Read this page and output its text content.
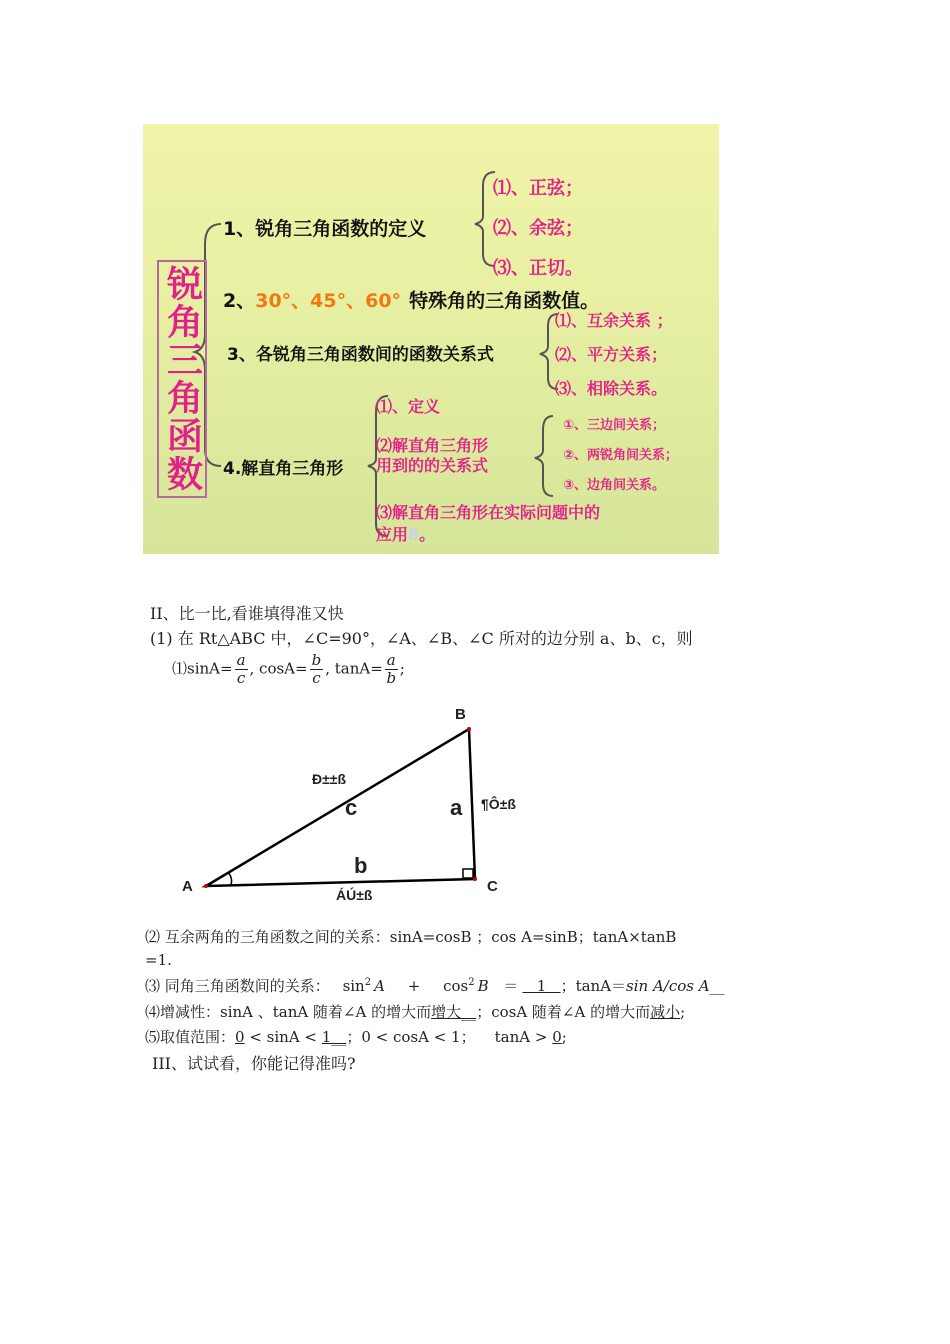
锐角三角函数
1、锐角三角函数的定义
⑴、正弦；
⑵、余弦；
⑶、正切。
2、30°、45°、60° 特殊角的三角函数值。
3、各锐角三角函数间的函数关系式
⑴、互余关系 ；
⑵、平方关系；
⑶、相除关系。
4.解直角三角形
⑴、定义
⑵解直角三角形
用到的的关系式
①、三边间关系；
②、两锐角间关系；
③、边角间关系。
⑶解直角三角形在实际问题中的
应用8。
II、比一比,看谁填得准又快
(1) 在 Rt△ABC 中，∠C=90°，∠A、∠B、∠C 所对的边分别 a、b、c，则
⑴sinA= $\frac{a}{c}$ , $\cos A= \frac{b}{c}$ , $\tan A= \frac{a}{b}$ ;
A
B
C
c	a
b
Ð±±ß
¶Ô±ß
ÁÚ±ß
⑵ 互余两角的三角函数之间的关系：sinA=cosB ；cos A=sinB；tanA×tanB
=1.
⑶ 同角三角函数间的关系： $\sin^2 A + \cos^2 B = 1$   ；tanA＝sin A/cos A__
⑷增减性：sinA 、tanA 随着∠A 的增大而增大__；cosA 随着∠A 的增大而减小;
⑸取值范围：0 < sinA < 1__；0 < cosA < 1；    tanA > 0;
III、试试看，你能记得准吗?
